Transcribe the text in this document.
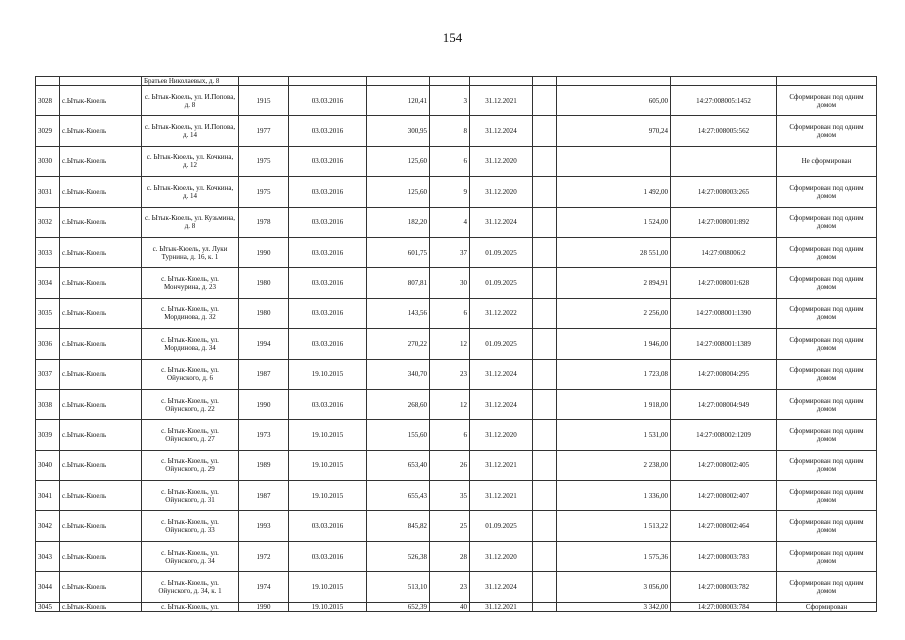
154
		Братьев Николаевых, д. 8									
3028	с.Ытык-Кюель	с. Ытык-Кюель, ул. И.Попова, д. 8	1915	03.03.2016	120,41	3	31.12.2021		605,00	14:27:008005:1452	Сформирован под одним домом
3029	с.Ытык-Кюель	с. Ытык-Кюель, ул. И.Попова, д. 14	1977	03.03.2016	300,95	8	31.12.2024		970,24	14:27:008005:562	Сформирован под одним домом
3030	с.Ытык-Кюель	с. Ытык-Кюель, ул. Кочкина, д. 12	1975	03.03.2016	125,60	6	31.12.2020				Не сформирован
3031	с.Ытык-Кюель	с. Ытык-Кюель, ул. Кочкина, д. 14	1975	03.03.2016	125,60	9	31.12.2020		1 492,00	14:27:008003:265	Сформирован под одним домом
3032	с.Ытык-Кюель	с. Ытык-Кюель, ул. Кузьмина, д. 8	1978	03.03.2016	182,20	4	31.12.2024		1 524,00	14:27:008001:892	Сформирован под одним домом
3033	с.Ытык-Кюель	с. Ытык-Кюель, ул. Луки Турнина, д. 16, к. 1	1990	03.03.2016	601,75	37	01.09.2025		28 551,00	14:27:008006:2	Сформирован под одним домом
3034	с.Ытык-Кюель	с. Ытык-Кюель, ул. Мончурина, д. 23	1980	03.03.2016	807,81	30	01.09.2025		2 894,91	14:27:008001:628	Сформирован под одним домом
3035	с.Ытык-Кюель	с. Ытык-Кюель, ул. Мординова, д. 32	1980	03.03.2016	143,56	6	31.12.2022		2 256,00	14:27:008001:1390	Сформирован под одним домом
3036	с.Ытык-Кюель	с. Ытык-Кюель, ул. Мординова, д. 34	1994	03.03.2016	270,22	12	01.09.2025		1 946,00	14:27:008001:1389	Сформирован под одним домом
3037	с.Ытык-Кюель	с. Ытык-Кюель, ул. Ойунского, д. 6	1987	19.10.2015	340,70	23	31.12.2024		1 723,08	14:27:008004:295	Сформирован под одним домом
3038	с.Ытык-Кюель	с. Ытык-Кюель, ул. Ойунского, д. 22	1990	03.03.2016	268,60	12	31.12.2024		1 918,00	14:27:008004:949	Сформирован под одним домом
3039	с.Ытык-Кюель	с. Ытык-Кюель, ул. Ойунского, д. 27	1973	19.10.2015	155,60	6	31.12.2020		1 531,00	14:27:008002:1209	Сформирован под одним домом
3040	с.Ытык-Кюель	с. Ытык-Кюель, ул. Ойунского, д. 29	1989	19.10.2015	653,40	26	31.12.2021		2 238,00	14:27:008002:405	Сформирован под одним домом
3041	с.Ытык-Кюель	с. Ытык-Кюель, ул. Ойунского, д. 31	1987	19.10.2015	655,43	35	31.12.2021		1 336,00	14:27:008002:407	Сформирован под одним домом
3042	с.Ытык-Кюель	с. Ытык-Кюель, ул. Ойунского, д. 33	1993	03.03.2016	845,82	25	01.09.2025		1 513,22	14:27:008002:464	Сформирован под одним домом
3043	с.Ытык-Кюель	с. Ытык-Кюель, ул. Ойунского, д. 34	1972	03.03.2016	526,38	28	31.12.2020		1 575,36	14:27:008003:783	Сформирован под одним домом
3044	с.Ытык-Кюель	с. Ытык-Кюель, ул. Ойунского, д. 34, к. 1	1974	19.10.2015	513,10	23	31.12.2024		3 056,00	14:27:008003:782	Сформирован под одним домом
3045	с.Ытык-Кюель	с. Ытык-Кюель, ул.	1990	19.10.2015	652,39	40	31.12.2021		3 342,00	14:27:008003:784	Сформирован
